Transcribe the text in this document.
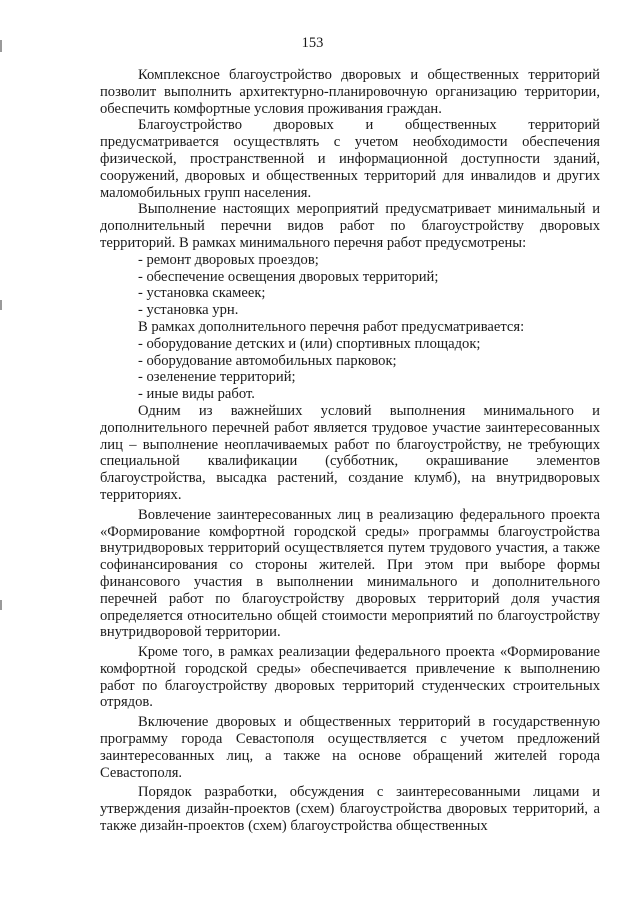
153

Комплексное благоустройство дворовых и общественных территорий позволит выполнить архитектурно-планировочную организацию территории, обеспечить комфортные условия проживания граждан.

Благоустройство дворовых и общественных территорий предусматривается осуществлять с учетом необходимости обеспечения физической, пространственной и информационной доступности зданий, сооружений, дворовых и общественных территорий для инвалидов и других маломобильных групп населения.

Выполнение настоящих мероприятий предусматривает минимальный и дополнительный перечни видов работ по благоустройству дворовых территорий. В рамках минимального перечня работ предусмотрены:

- ремонт дворовых проездов;

- обеспечение освещения дворовых территорий;

- установка скамеек;

- установка урн.

В рамках дополнительного перечня работ предусматривается:

- оборудование детских и (или) спортивных площадок;

- оборудование автомобильных парковок;

- озеленение территорий;

- иные виды работ.

Одним из важнейших условий выполнения минимального и дополнительного перечней работ является трудовое участие заинтересованных лиц – выполнение неоплачиваемых работ по благоустройству, не требующих специальной квалификации (субботник, окрашивание элементов благоустройства, высадка растений, создание клумб), на внутридворовых территориях.

Вовлечение заинтересованных лиц в реализацию федерального проекта «Формирование комфортной городской среды» программы благоустройства внутридворовых территорий осуществляется путем трудового участия, а также софинансирования со стороны жителей. При этом при выборе формы финансового участия в выполнении минимального и дополнительного перечней работ по благоустройству дворовых территорий доля участия определяется относительно общей стоимости мероприятий по благоустройству внутридворовой территории.

Кроме того, в рамках реализации федерального проекта «Формирование комфортной городской среды» обеспечивается привлечение к выполнению работ по благоустройству дворовых территорий студенческих строительных отрядов.

Включение дворовых и общественных территорий в государственную программу города Севастополя осуществляется с учетом предложений заинтересованных лиц, а также на основе обращений жителей города Севастополя.

Порядок разработки, обсуждения с заинтересованными лицами и утверждения дизайн-проектов (схем) благоустройства дворовых территорий, а также дизайн-проектов (схем) благоустройства общественных
